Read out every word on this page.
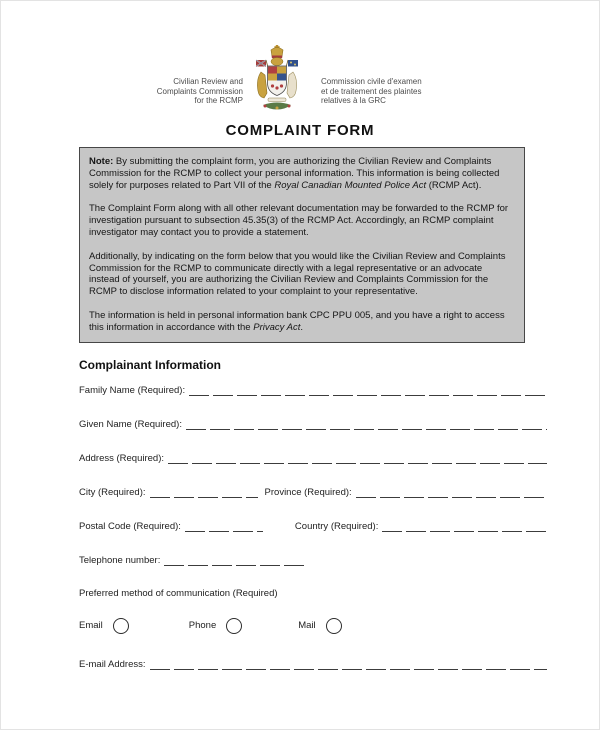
Civilian Review and
Complaints Commission
for the RCMP
Commission civile d'examen
et de traitement des plaintes
relatives à la GRC
COMPLAINT FORM

Note: By submitting the complaint form, you are authorizing the Civilian Review and Complaints Commission for the RCMP to collect your personal information. This information is being collected solely for purposes related to Part VII of the Royal Canadian Mounted Police Act (RCMP Act).

The Complaint Form along with all other relevant documentation may be forwarded to the RCMP for investigation pursuant to subsection 45.35(3) of the RCMP Act. Accordingly, an RCMP complaint investigator may contact you to provide a statement.

Additionally, by indicating on the form below that you would like the Civilian Review and Complaints Commission for the RCMP to communicate directly with a legal representative or an advocate instead of yourself, you are authorizing the Civilian Review and Complaints Commission for the RCMP to disclose information related to your complaint to your representative.

The information is held in personal information bank CPC PPU 005, and you have a right to access this information in accordance with the Privacy Act.

Complainant Information
Family Name (Required):
Given Name (Required):
Address (Required):
City (Required):	Province (Required):
Postal Code (Required):	Country (Required):
Telephone number:
Preferred method of communication (Required)
Email	Phone	Mail
E-mail Address:
